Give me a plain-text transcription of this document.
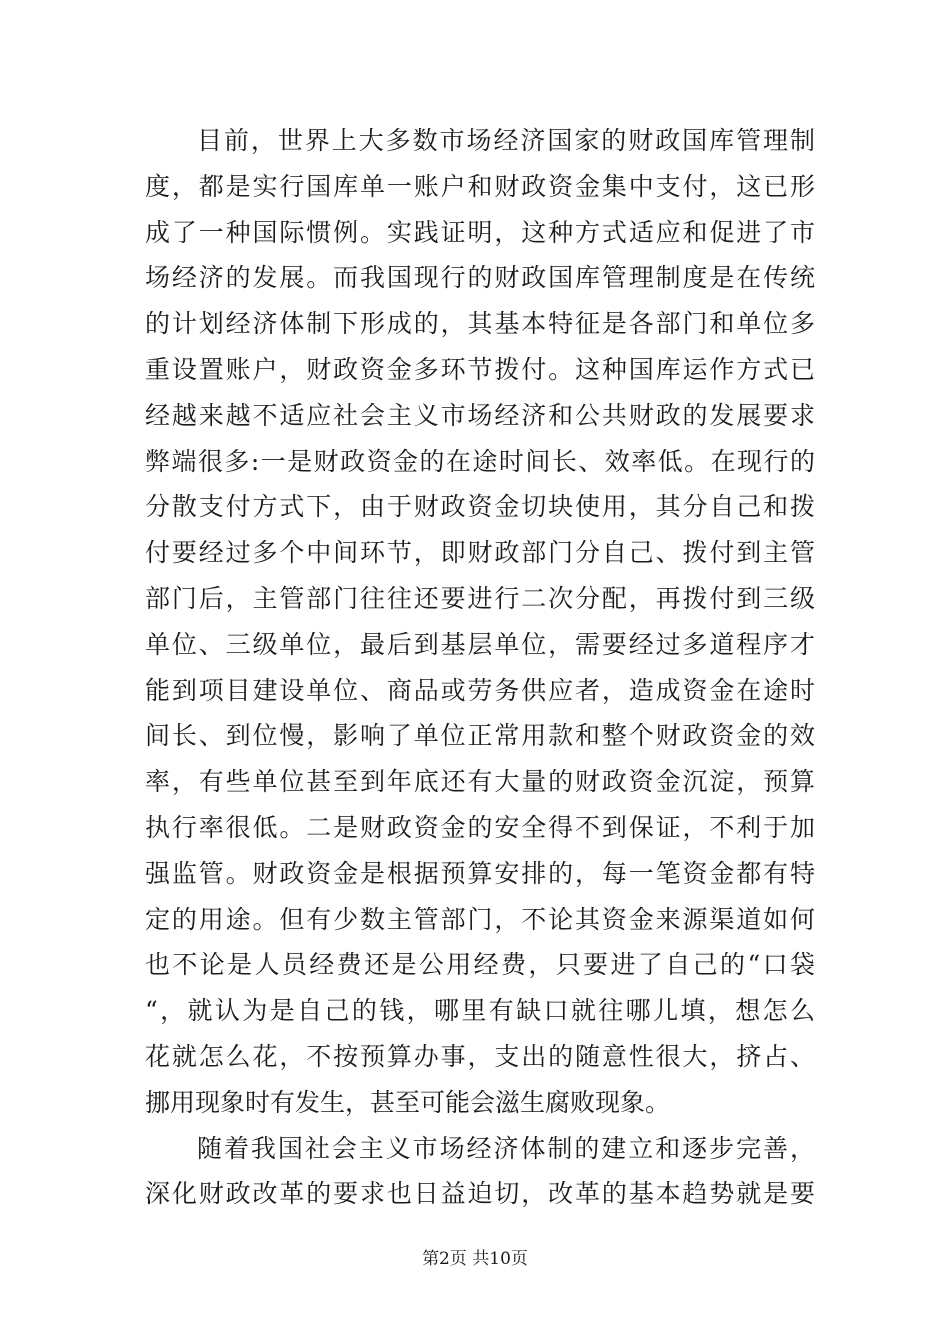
目前，世界上大多数市场经济国家的财政国库管理制
度，都是实行国库单一账户和财政资金集中支付，这已形
成了一种国际惯例。实践证明，这种方式适应和促进了市
场经济的发展。而我国现行的财政国库管理制度是在传统
的计划经济体制下形成的，其基本特征是各部门和单位多
重设置账户，财政资金多环节拨付。这种国库运作方式已
经越来越不适应社会主义市场经济和公共财政的发展要求
弊端很多:一是财政资金的在途时间长、效率低。在现行的
分散支付方式下，由于财政资金切块使用，其分自己和拨
付要经过多个中间环节，即财政部门分自己、拨付到主管
部门后，主管部门往往还要进行二次分配，再拨付到三级
单位、三级单位，最后到基层单位，需要经过多道程序才
能到项目建设单位、商品或劳务供应者，造成资金在途时
间长、到位慢，影响了单位正常用款和整个财政资金的效
率，有些单位甚至到年底还有大量的财政资金沉淀，预算
执行率很低。二是财政资金的安全得不到保证，不利于加
强监管。财政资金是根据预算安排的，每一笔资金都有特
定的用途。但有少数主管部门，不论其资金来源渠道如何
也不论是人员经费还是公用经费，只要进了自己的“口袋
“，就认为是自己的钱，哪里有缺口就往哪儿填，想怎么
花就怎么花，不按预算办事，支出的随意性很大，挤占、
挪用现象时有发生，甚至可能会滋生腐败现象。
随着我国社会主义市场经济体制的建立和逐步完善，
深化财政改革的要求也日益迫切，改革的基本趋势就是要
第2页 共10页
